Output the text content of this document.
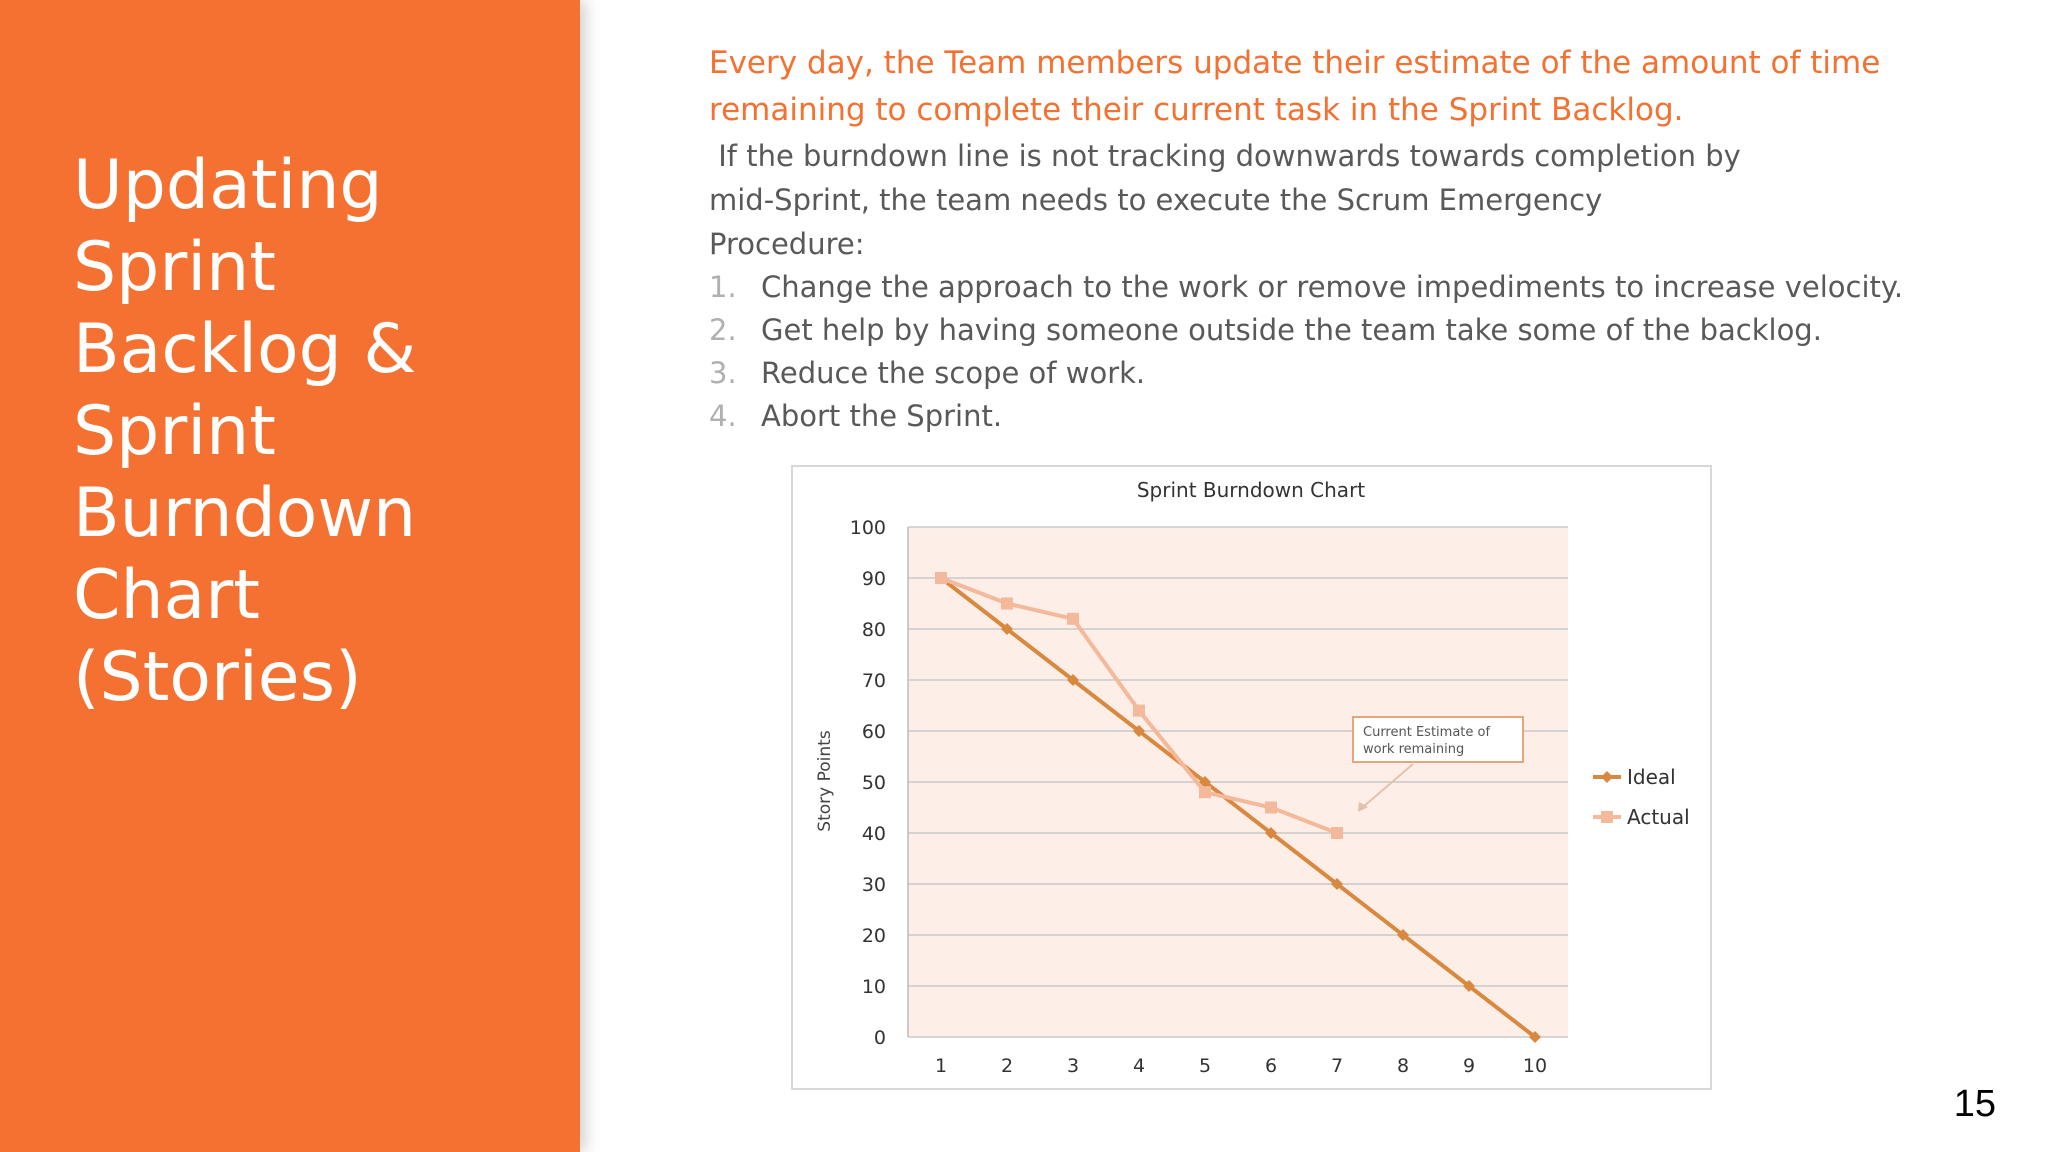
Updating
Sprint
Backlog &
Sprint
Burndown
Chart (Stories)

Every day, the Team members update their estimate of the amount of time
remaining to complete their current task in the Sprint Backlog.

If the burndown line is not tracking downwards towards completion by
mid-Sprint, the team needs to execute the Scrum Emergency
Procedure:

1. Change the approach to the work or remove impediments to increase velocity.
2. Get help by having someone outside the team take some of the backlog.
3. Reduce the scope of work.
4. Abort the Sprint.
Sprint Burndown Chart
Story Points
0
10
20
30
40
50
60
70
80
90
100
1	2	3	4	5	6	7	8	9	10
Ideal
Actual
Current Estimate of
work remaining
15
